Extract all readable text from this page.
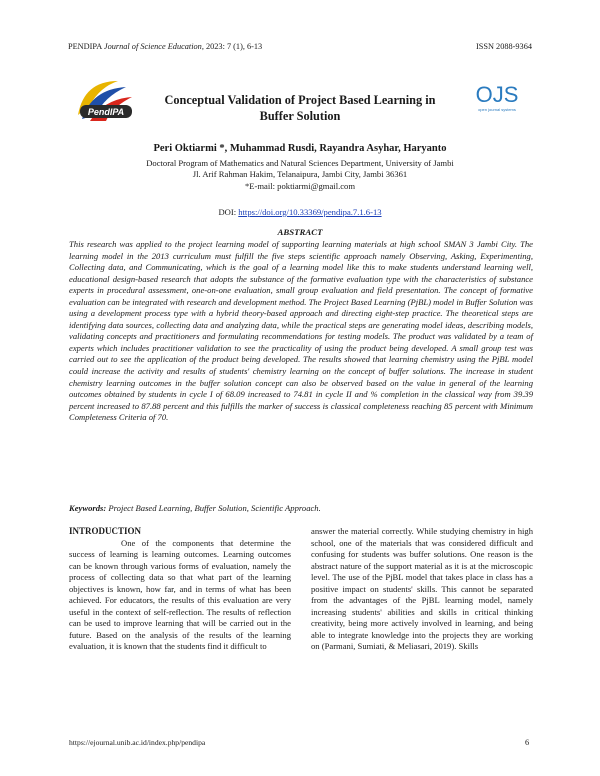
PENDIPA Journal of Science Education, 2023: 7 (1), 6-13	ISSN 2088-9364
PendIPA
OJS
open journal systems
Conceptual Validation of Project Based Learning in
Buffer Solution
Peri Oktiarmi *, Muhammad Rusdi, Rayandra Asyhar, Haryanto
Doctoral Program of Mathematics and Natural Sciences Department, University of Jambi
Jl. Arif Rahman Hakim, Telanaipura, Jambi City, Jambi 36361
*E-mail: poktiarmi@gmail.com
DOI: https://doi.org/10.33369/pendipa.7.1.6-13
ABSTRACT
This research was applied to the project learning model of supporting learning materials at high school SMAN 3 Jambi City. The learning model in the 2013 curriculum must fulfill the five steps scientific approach namely Observing, Asking, Experimenting, Collecting data, and Communicating, which is the goal of a learning model like this to make students understand learning well, educational design-based research that adopts the substance of the formative evaluation type with the characteristics of substance experts in procedural assessment, one-on-one evaluation, small group evaluation and field presentation. The concept of formative evaluation can be integrated with research and development method. The Project Based Learning (PjBL) model in Buffer Solution was using a development process type with a hybrid theory-based approach and directing eight-step practice. The theoretical steps are identifying data sources, collecting data and analyzing data, while the practical steps are generating model ideas, describing models, validating concepts and practitioners and formulating recommendations for testing models. The product was validated by a team of experts which includes practitioner validation to see the practicality of using the product being developed. A small group test was carried out to see the application of the product being developed. The results showed that learning chemistry using the PjBL model could increase the activity and results of students' chemistry learning on the concept of buffer solutions. The increase in student chemistry learning outcomes in the buffer solution concept can also be observed based on the value in general of the learning outcomes obtained by students in cycle I of 68.09 increased to 74.81 in cycle II and % completion in the classical way from 39.39 percent increased to 87.88 percent and this fulfills the marker of success is classical completeness reaching 85 percent with Minimum Completeness Criteria of 70.
Keywords: Project Based Learning, Buffer Solution, Scientific Approach.
INTRODUCTION
One of the components that determine the success of learning is learning outcomes. Learning outcomes can be known through various forms of evaluation, namely the process of collecting data so that what part of the learning objectives is known, how far, and in terms of what has been achieved. For educators, the results of this evaluation are very useful in the context of self-reflection. The results of reflection can be used to improve learning that will be carried out in the future. Based on the analysis of the results of the learning evaluation, it is known that the students find it difficult to
answer the material correctly. While studying chemistry in high school, one of the materials that was considered difficult and confusing for students was buffer solutions. One reason is the abstract nature of the support material as it is at the microscopic level. The use of the PjBL model that takes place in class has a positive impact on students' skills. This cannot be separated from the advantages of the PjBL learning model, namely increasing students' abilities and skills in critical thinking creativity, being more actively involved in learning, and being able to integrate knowledge into the projects they are working on (Parmani, Sumiati, & Meliasari, 2019). Skills
https://ejournal.unib.ac.id/index.php/pendipa	6
